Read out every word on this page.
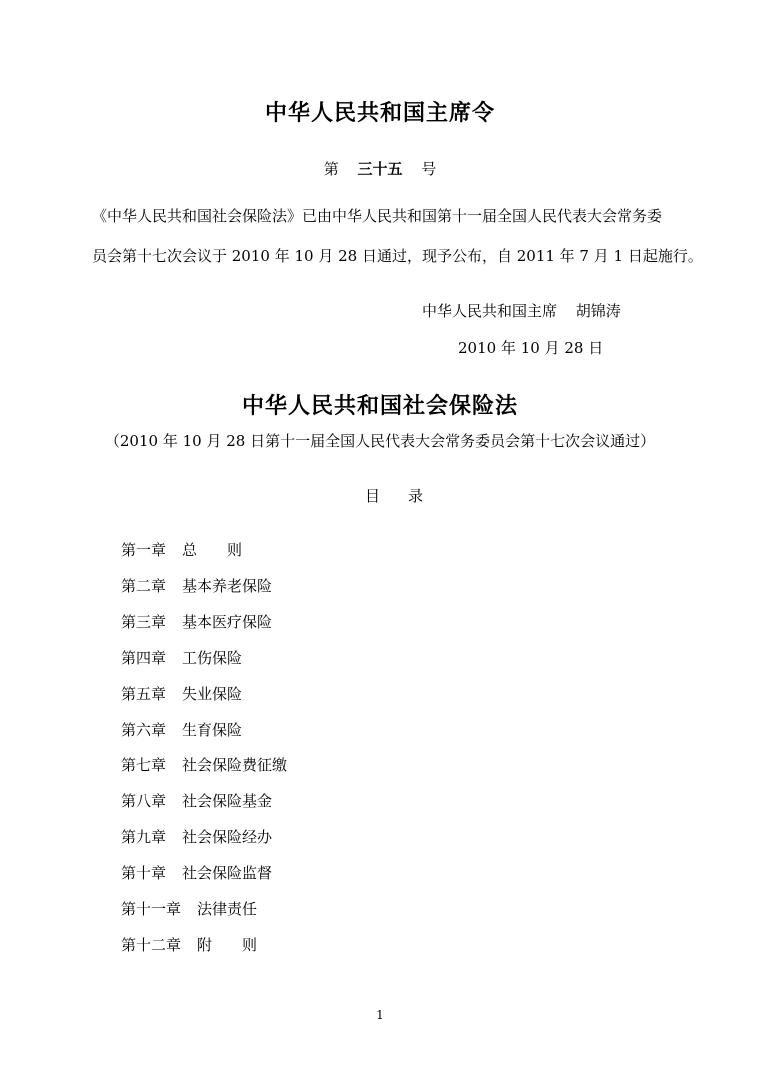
中华人民共和国主席令
第 三十五 号
《中华人民共和国社会保险法》已由中华人民共和国第十一届全国人民代表大会常务委
员会第十七次会议于 2010 年 10 月 28 日通过，现予公布，自 2011 年 7 月 1 日起施行。
中华人民共和国主席 胡锦涛
2010 年 10 月 28 日
中华人民共和国社会保险法
（2010 年 10 月 28 日第十一届全国人民代表大会常务委员会第十七次会议通过）
目录
第一章 总　　则
第二章 基本养老保险
第三章 基本医疗保险
第四章 工伤保险
第五章 失业保险
第六章 生育保险
第七章 社会保险费征缴
第八章 社会保险基金
第九章 社会保险经办
第十章 社会保险监督
第十一章 法律责任
第十二章 附　　则
1
